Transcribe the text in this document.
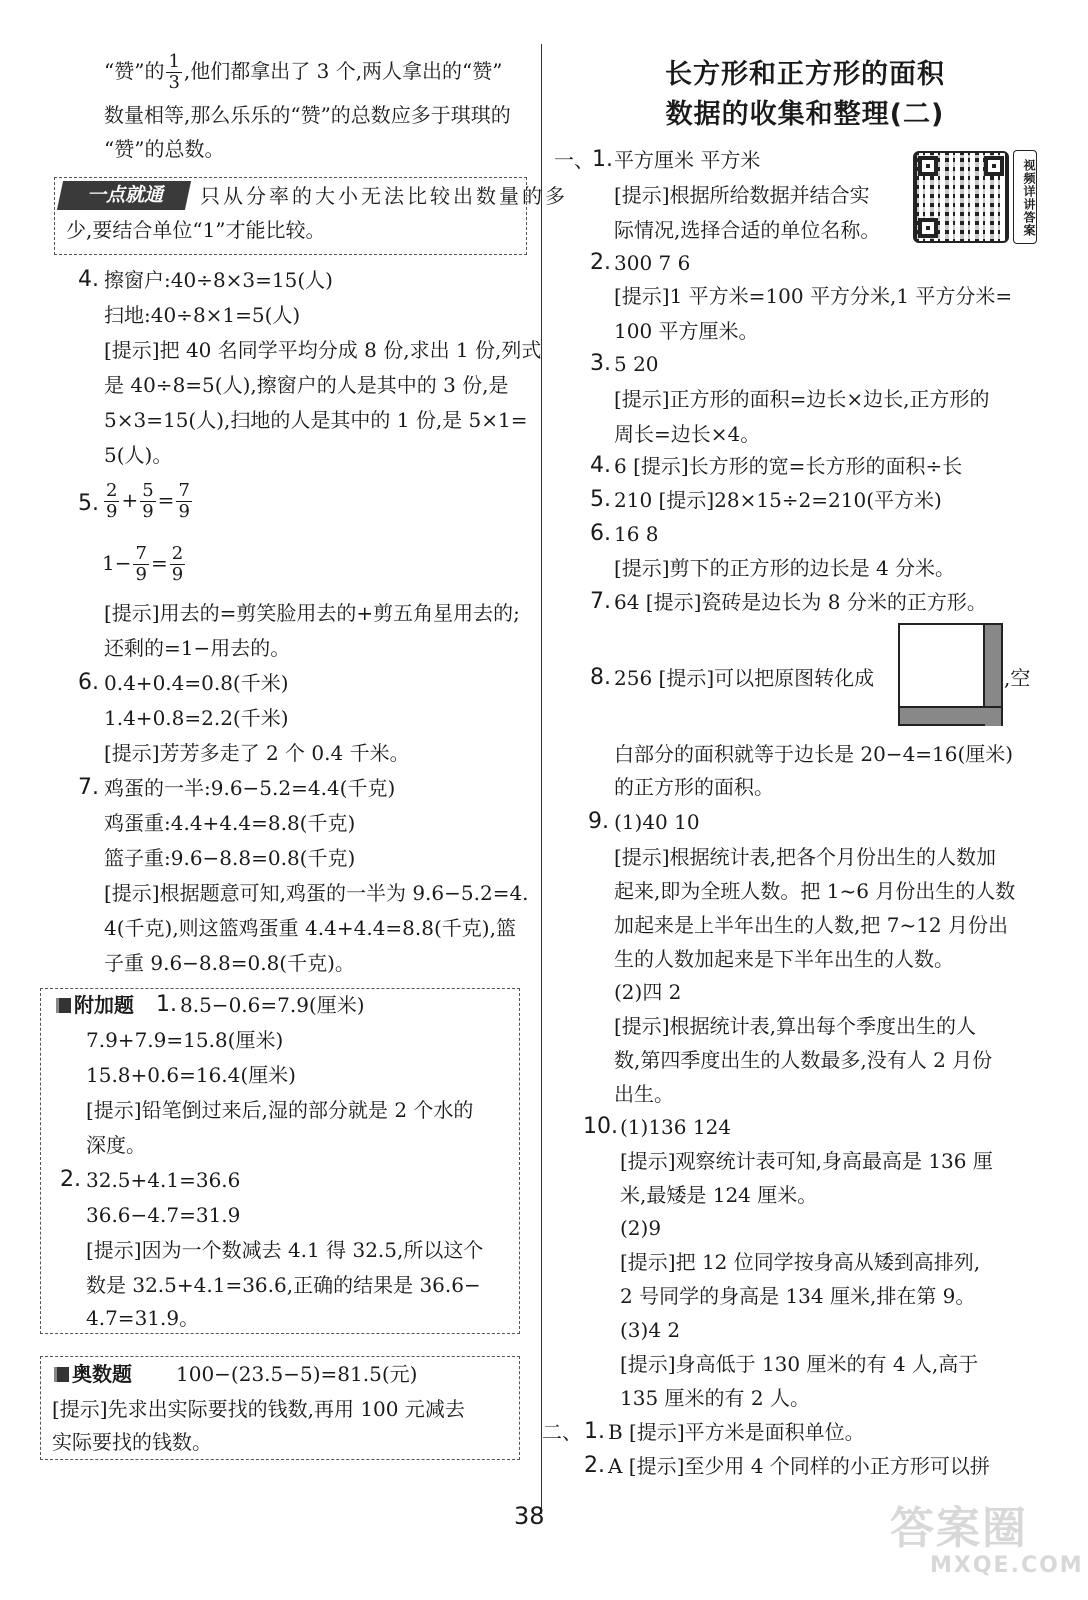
“赞”的 $\frac{1}{3}$ ,他们都拿出了 3 个,两人拿出的“赞”
数量相等,那么乐乐的“赞”的总数应多于琪琪的
“赞”的总数。
一点就通	只从分率的大小无法比较出数量的多
少,要结合单位“1”才能比较。
4. 擦窗户:40÷8×3=15(人)
扫地:40÷8×1=5(人)
[提示]把 40 名同学平均分成 8 份,求出 1 份,列式
是 40÷8=5(人),擦窗户的人是其中的 3 份,是
5×3=15(人),扫地的人是其中的 1 份,是 5×1=
5(人)。
5. $\frac{2}{9} + \frac{5}{9} = \frac{7}{9}$
$1- \frac{7}{9} = \frac{2}{9}$
[提示]用去的=剪笑脸用去的+剪五角星用去的;
还剩的=1−用去的。
6. 0.4+0.4=0.8(千米)
1.4+0.8=2.2(千米)
[提示]芳芳多走了 2 个 0.4 千米。
7. 鸡蛋的一半:9.6−5.2=4.4(千克)
鸡蛋重:4.4+4.4=8.8(千克)
篮子重:9.6−8.8=0.8(千克)
[提示]根据题意可知,鸡蛋的一半为 9.6−5.2=4.
4(千克),则这篮鸡蛋重 4.4+4.4=8.8(千克),篮
子重 9.6−8.8=0.8(千克)。
附加题 1. 8.5−0.6=7.9(厘米)
7.9+7.9=15.8(厘米)
15.8+0.6=16.4(厘米)
[提示]铅笔倒过来后,湿的部分就是 2 个水的
深度。
2. 32.5+4.1=36.6
36.6−4.7=31.9
[提示]因为一个数减去 4.1 得 32.5,所以这个
数是 32.5+4.1=36.6,正确的结果是 36.6−
4.7=31.9。
奥数题 100−(23.5−5)=81.5(元)
[提示]先求出实际要找的钱数,再用 100 元减去
实际要找的钱数。
长方形和正方形的面积
数据的收集和整理(二)
视频详讲答案
一、
1. 平方厘米 平方米
[提示]根据所给数据并结合实
际情况,选择合适的单位名称。
2. 300 7 6
[提示]1 平方米=100 平方分米,1 平方分米=
100 平方厘米。
3. 5 20
[提示]正方形的面积=边长×边长,正方形的
周长=边长×4。
4. 6 [提示]长方形的宽=长方形的面积÷长
5. 210 [提示]28×15÷2=210(平方米)
6. 16 8
[提示]剪下的正方形的边长是 4 分米。
7. 64 [提示]瓷砖是边长为 8 分米的正方形。
8. 256 [提示]可以把原图转化成	,空
白部分的面积就等于边长是 20−4=16(厘米)
的正方形的面积。
9. (1)40 10
[提示]根据统计表,把各个月份出生的人数加
起来,即为全班人数。把 1~6 月份出生的人数
加起来是上半年出生的人数,把 7~12 月份出
生的人数加起来是下半年出生的人数。
(2)四 2
[提示]根据统计表,算出每个季度出生的人
数,第四季度出生的人数最多,没有人 2 月份
出生。
10. (1)136 124
[提示]观察统计表可知,身高最高是 136 厘
米,最矮是 124 厘米。
(2)9
[提示]把 12 位同学按身高从矮到高排列,
2 号同学的身高是 134 厘米,排在第 9。
(3)4 2
[提示]身高低于 130 厘米的有 4 人,高于
135 厘米的有 2 人。
二、 1. B [提示]平方米是面积单位。
2. A [提示]至少用 4 个同样的小正方形可以拼
38	答案圈
MXQE.COM
